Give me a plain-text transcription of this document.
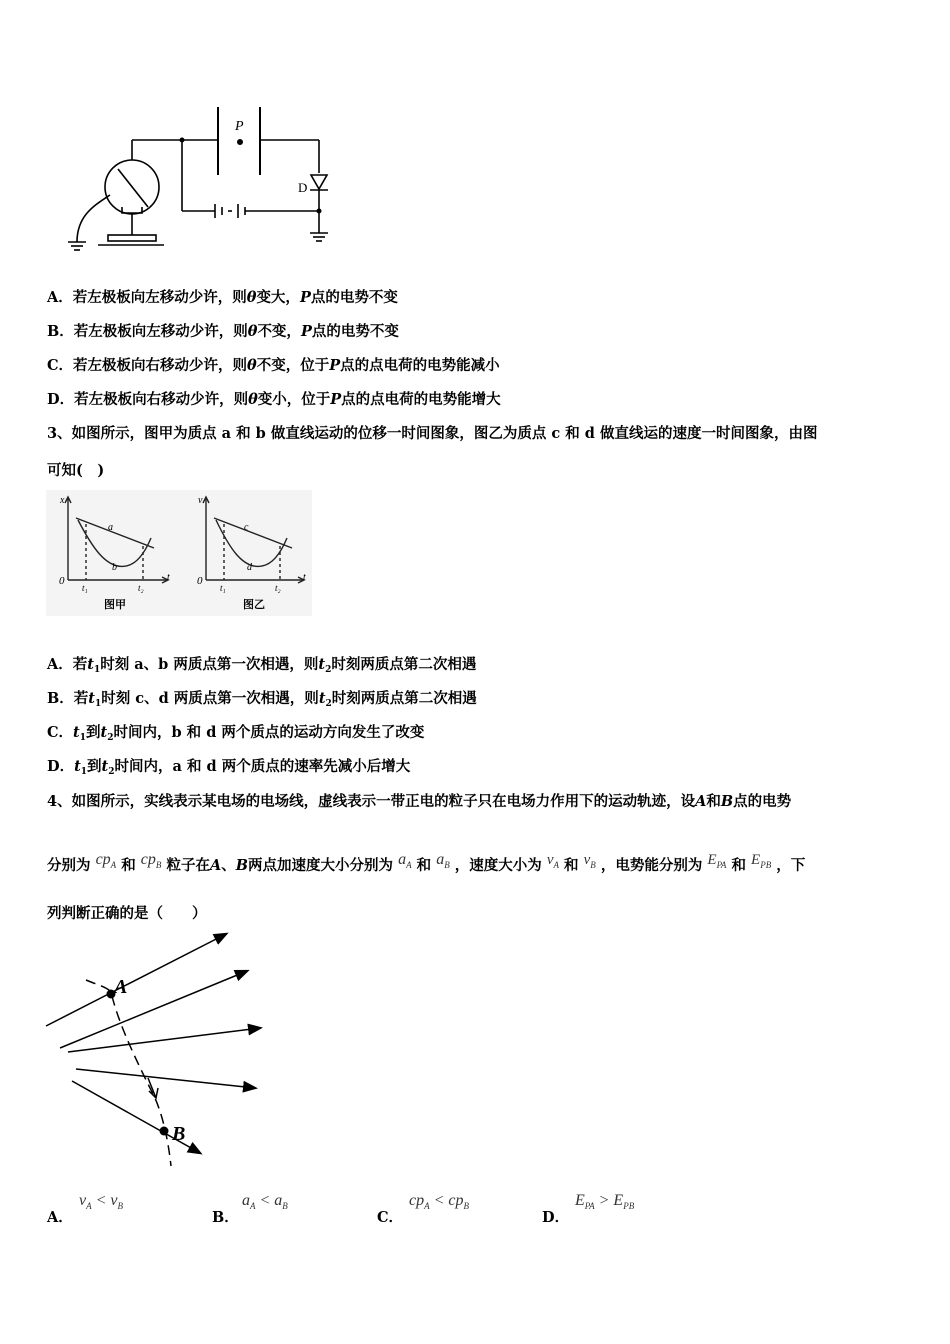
P
D
A．若左极板向左移动少许，则θ变大，P点的电势不变
B．若左极板向左移动少许，则θ不变，P点的电势不变
C．若左极板向右移动少许，则θ不变，位于P点的点电荷的电势能减小
D．若左极板向右移动少许，则θ变小，位于P点的点电荷的电势能增大
3、如图所示，图甲为质点 a 和 b 做直线运动的位移一时间图象，图乙为质点 c 和 d 做直线运的速度一时间图象，由图
可知(　)
x
0	t
a
b
t₁	t₂
图甲
v
0	t
c
d
t₁	t₂
图乙
A．若$t_1$时刻 a、b 两质点第一次相遇，则$t_2$时刻两质点第二次相遇
B．若$t_1$时刻 c、d 两质点第一次相遇，则$t_2$时刻两质点第二次相遇
C．$t_1$到$t_2$时间内，b 和 d 两个质点的运动方向发生了改变
D．$t_1$到$t_2$时间内，a 和 d 两个质点的速率先减小后增大
4、如图所示，实线表示某电场的电场线，虚线表示一带正电的粒子只在电场力作用下的运动轨迹，设A和B点的电势
分别为 $cp_A$ 和 $cp_B$ 粒子在A、B两点加速度大小分别为 $a_A$ 和 $a_B$ ，速度大小为 $v_A$ 和 $v_B$ ，电势能分别为 $E_{PA}$ 和 $E_{PB}$ ，下
列判断正确的是（　　）
A
B
A．
$v_A < v_B$
B．
$a_A < a_B$
C．
$cp_A < cp_B$
D．
$E_{PA} > E_{PB}$
